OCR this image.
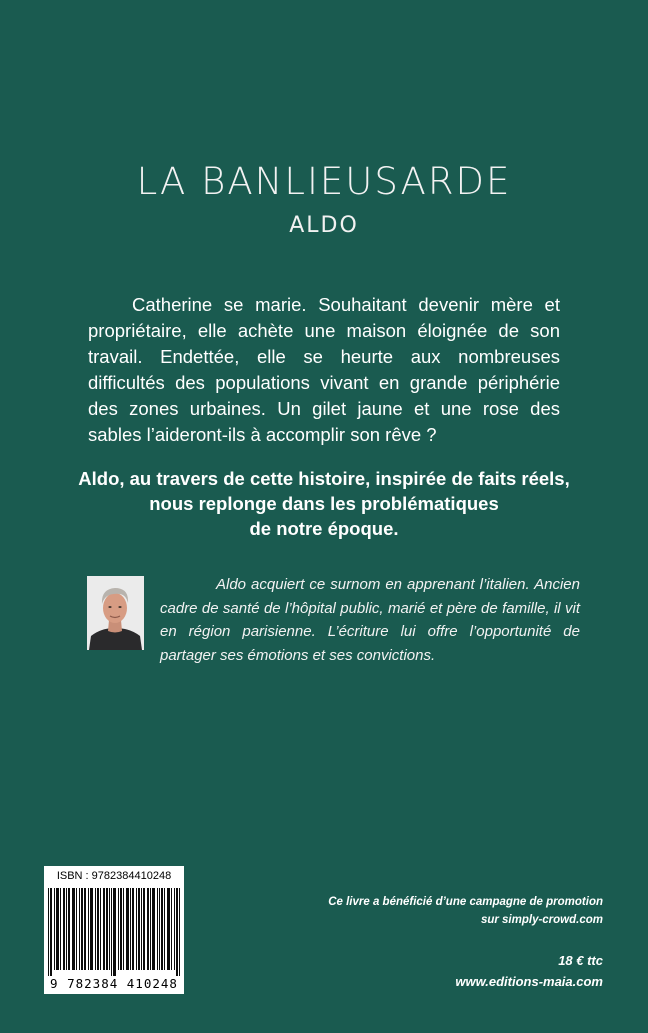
LA BANLIEUSARDE
ALDO
Catherine se marie. Souhaitant devenir mère et propriétaire, elle achète une maison éloignée de son travail. Endettée, elle se heurte aux nombreuses difficultés des populations vivant en grande périphérie des zones urbaines. Un gilet jaune et une rose des sables l’aideront-ils à accomplir son rêve ?
Aldo, au travers de cette histoire, inspirée de faits réels,
nous replonge dans les problématiques
de notre époque.
Aldo acquiert ce surnom en apprenant l’italien. Ancien cadre de santé de l’hôpital public, marié et père de famille, il vit en région parisienne. L’écriture lui offre l’opportunité de partager ses émotions et ses convictions.
ISBN : 9782384410248
9 782384 410248
Ce livre a bénéficié d’une campagne de promotion
sur simply-crowd.com
18 € ttc
www.editions-maia.com
